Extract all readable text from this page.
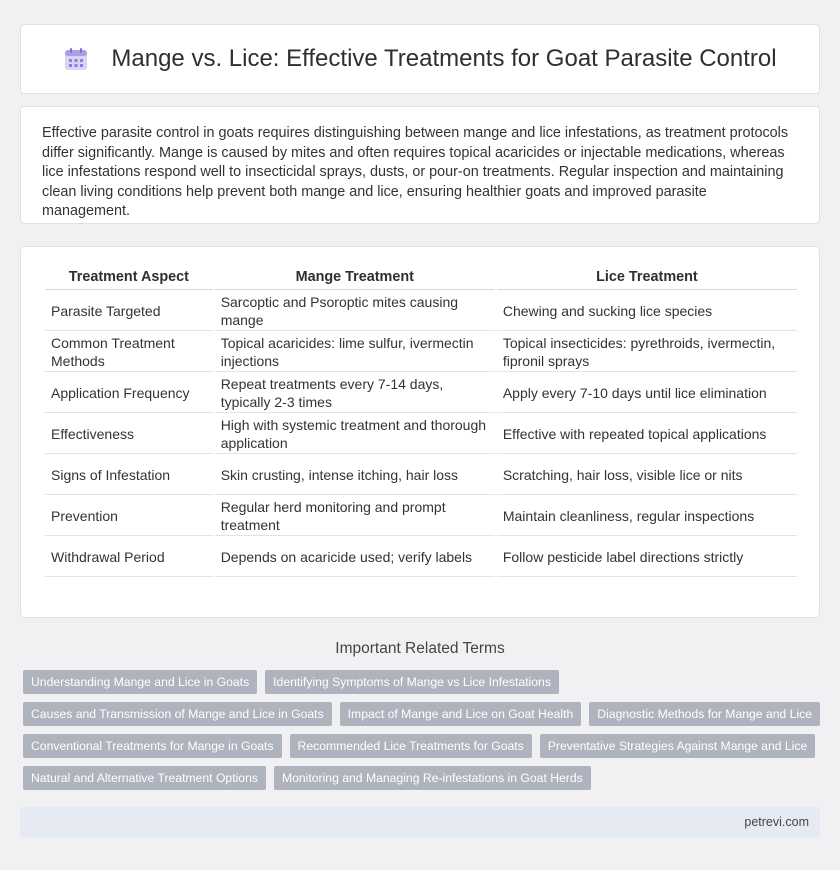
Mange vs. Lice: Effective Treatments for Goat Parasite Control

Effective parasite control in goats requires distinguishing between mange and lice infestations, as treatment protocols differ significantly. Mange is caused by mites and often requires topical acaricides or injectable medications, whereas lice infestations respond well to insecticidal sprays, dusts, or pour-on treatments. Regular inspection and maintaining clean living conditions help prevent both mange and lice, ensuring healthier goats and improved parasite management.

Treatment Aspect	Mange Treatment	Lice Treatment
Parasite Targeted	Sarcoptic and Psoroptic mites causing mange	Chewing and sucking lice species
Common Treatment Methods	Topical acaricides: lime sulfur, ivermectin injections	Topical insecticides: pyrethroids, ivermectin, fipronil sprays
Application Frequency	Repeat treatments every 7-14 days, typically 2-3 times	Apply every 7-10 days until lice elimination
Effectiveness	High with systemic treatment and thorough application	Effective with repeated topical applications
Signs of Infestation	Skin crusting, intense itching, hair loss	Scratching, hair loss, visible lice or nits
Prevention	Regular herd monitoring and prompt treatment	Maintain cleanliness, regular inspections
Withdrawal Period	Depends on acaricide used; verify labels	Follow pesticide label directions strictly
Important Related Terms
Understanding Mange and Lice in Goats	Identifying Symptoms of Mange vs Lice Infestations
Causes and Transmission of Mange and Lice in Goats	Impact of Mange and Lice on Goat Health	Diagnostic Methods for Mange and Lice
Conventional Treatments for Mange in Goats	Recommended Lice Treatments for Goats	Preventative Strategies Against Mange and Lice
Natural and Alternative Treatment Options	Monitoring and Managing Re-infestations in Goat Herds
petrevi.com
